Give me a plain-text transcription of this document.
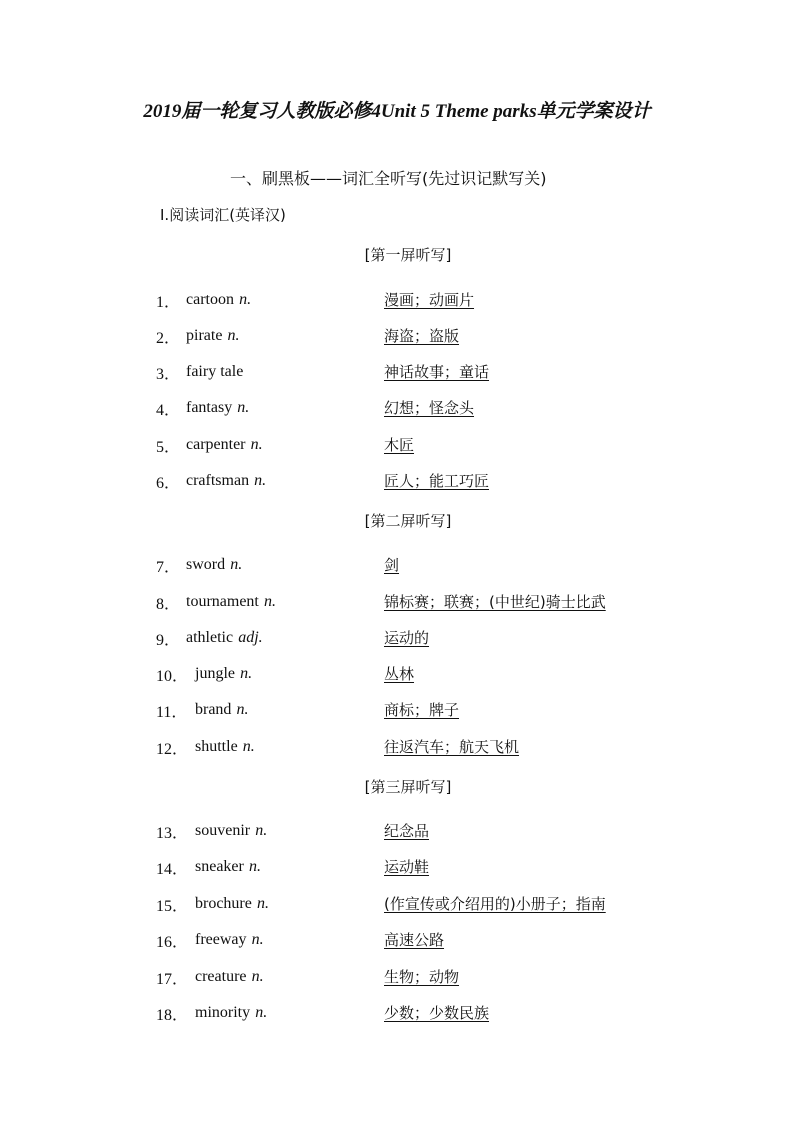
2019届一轮复习人教版必修4Unit 5 Theme parks单元学案设计
一、刷黑板——词汇全听写(先过识记默写关)
Ⅰ.阅读词汇(英译汉)
[第一屏听写]
1． cartoon n.	漫画；动画片
2． pirate n.	海盗；盗版
3． fairy tale	神话故事；童话
4． fantasy n.	幻想；怪念头
5． carpenter n.	木匠
6． craftsman n.	匠人；能工巧匠
[第二屏听写]
7． sword n.	剑
8． tournament n.	锦标赛；联赛；(中世纪)骑士比武
9． athletic adj.	运动的
10． jungle n.	丛林
11． brand n.	商标；牌子
12． shuttle n.	往返汽车；航天飞机
[第三屏听写]
13． souvenir n.	纪念品
14． sneaker n.	运动鞋
15． brochure n.	(作宣传或介绍用的)小册子；指南
16． freeway n.	高速公路
17． creature n.	生物；动物
18． minority n.	少数；少数民族
